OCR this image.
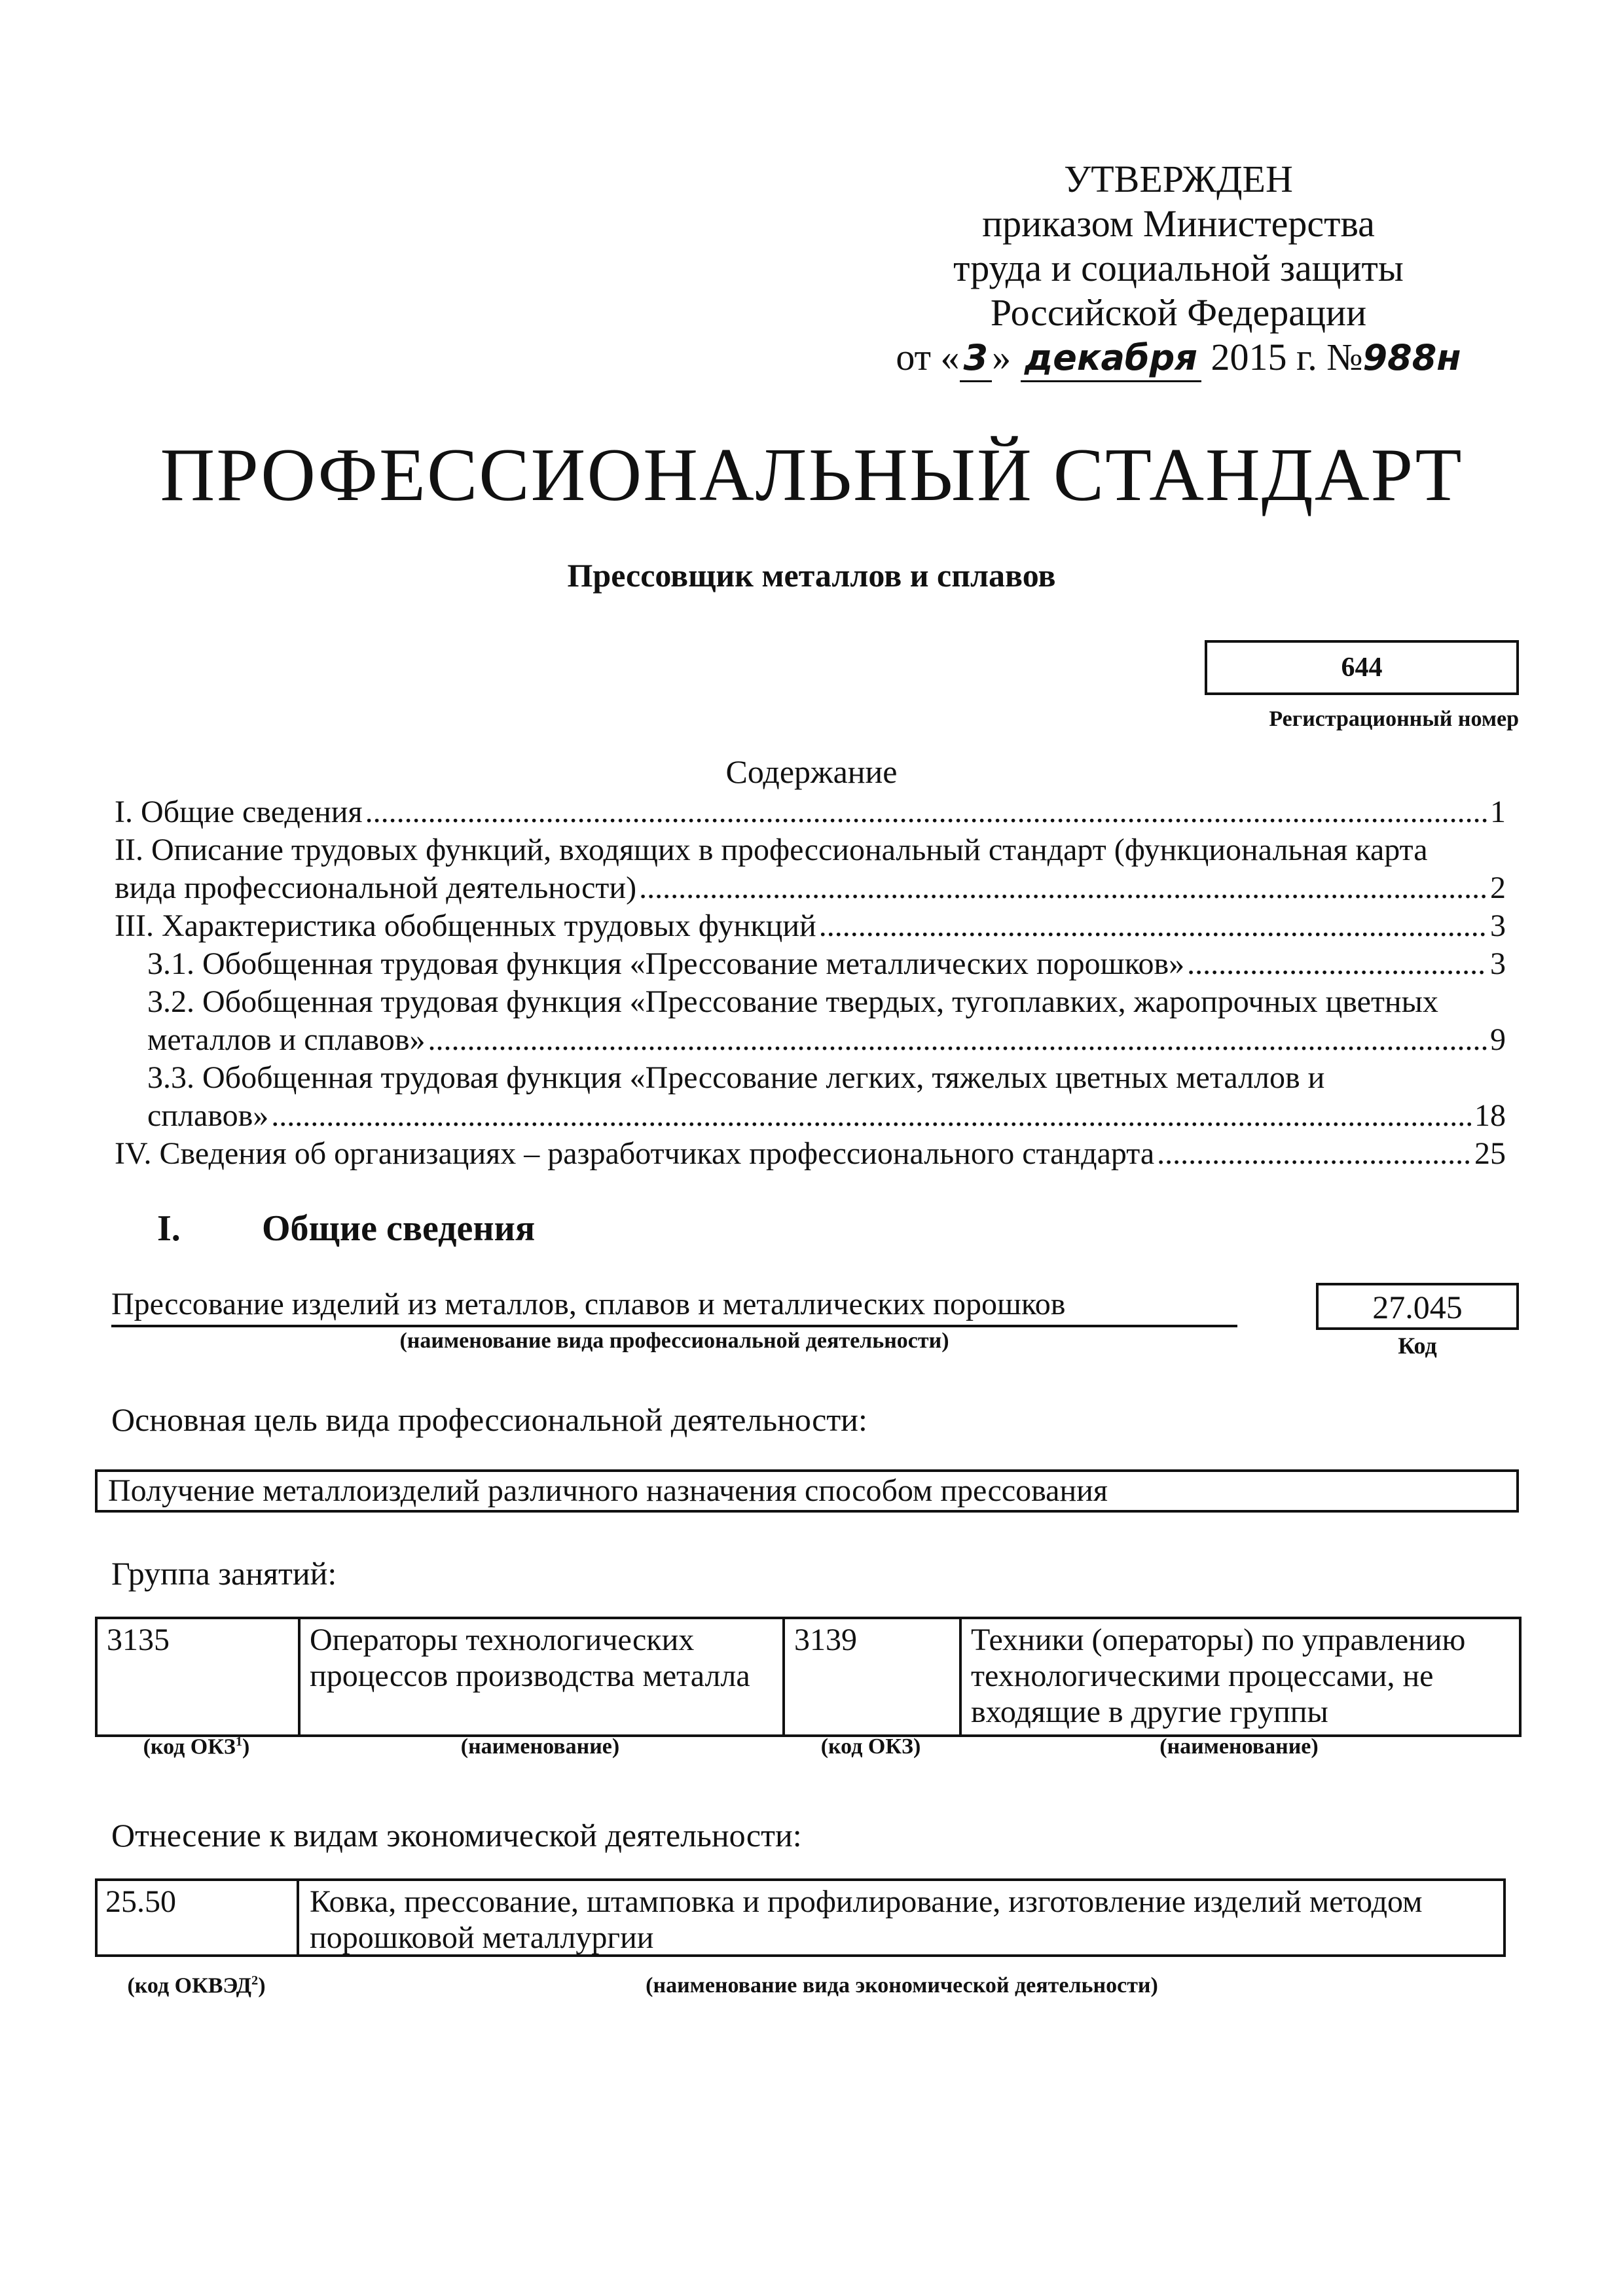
УТВЕРЖДЕН
приказом Министерства
труда и социальной защиты
Российской Федерации
от « 3 » декабря 2015 г. №988н
ПРОФЕССИОНАЛЬНЫЙ СТАНДАРТ
Прессовщик металлов и сплавов
644
Регистрационный номер
Содержание
I. Общие сведения .....	1
II. Описание трудовых функций, входящих в профессиональный стандарт (функциональная карта
вида профессиональной деятельности) .....	2
III. Характеристика обобщенных трудовых функций .....	3
3.1. Обобщенная трудовая функция «Прессование металлических порошков» .....	3
3.2. Обобщенная трудовая функция «Прессование твердых, тугоплавких, жаропрочных цветных
металлов и сплавов» .....	9
3.3. Обобщенная трудовая функция «Прессование легких, тяжелых цветных металлов и
сплавов» .....	18
IV. Сведения об организациях – разработчиках профессионального стандарта .....	25
I. Общие сведения
Прессование изделий из металлов, сплавов и металлических порошков
(наименование вида профессиональной деятельности)
27.045
Код
Основная цель вида профессиональной деятельности:
Получение металлоизделий различного назначения способом прессования
Группа занятий:
3135	Операторы технологических процессов производства металла	3139	Техники (операторы) по управлению технологическими процессами, не входящие в другие группы
(код ОКЗ$^1$)	(наименование)	(код ОКЗ)	(наименование)
Отнесение к видам экономической деятельности:
25.50	Ковка, прессование, штамповка и профилирование, изготовление изделий методом порошковой металлургии
(код ОКВЭД$^2$)	(наименование вида экономической деятельности)
